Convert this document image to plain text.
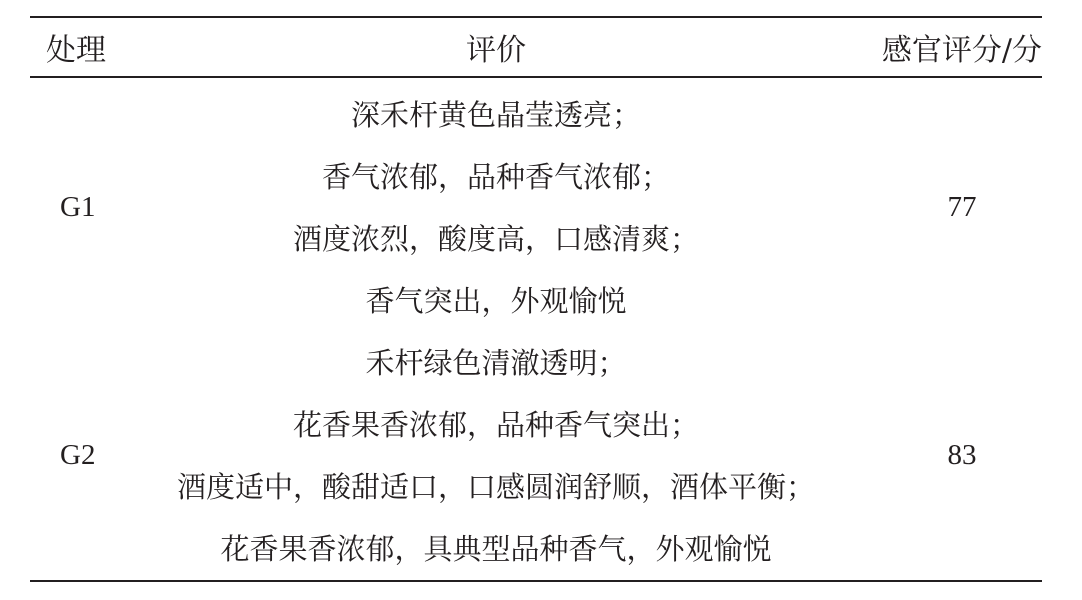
处理	评价	感官评分/分
G1
深禾杆黄色晶莹透亮；
香气浓郁，品种香气浓郁；
酒度浓烈，酸度高，口感清爽；
香气突出，外观愉悦
77
G2
禾杆绿色清澈透明；
花香果香浓郁，品种香气突出；
酒度适中，酸甜适口，口感圆润舒顺，酒体平衡；
花香果香浓郁，具典型品种香气，外观愉悦
83
